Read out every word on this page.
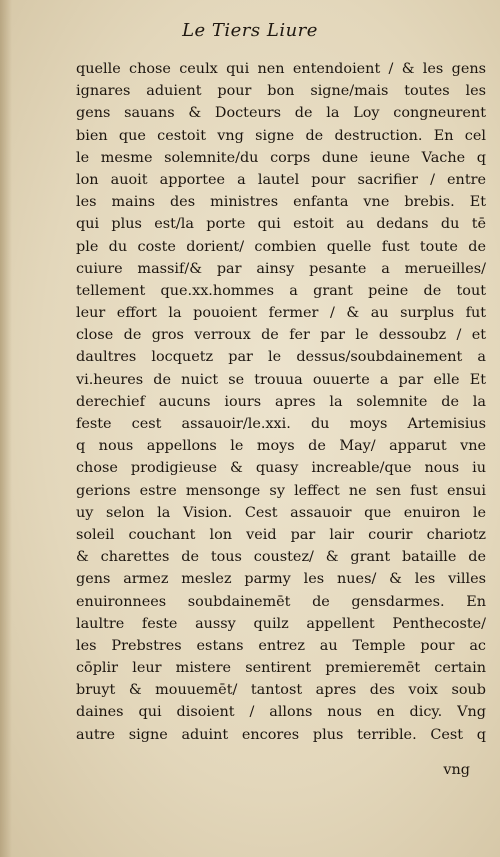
Le Tiers Liure
quelle chose ceulx qui nen entendoient / & les gens
ignares aduient pour bon signe/mais toutes les
gens sauans & Docteurs de la Loy congneurent
bien que cestoit vng signe de destruction. En cel
le mesme solemnite/du corps dune ieune Vache q
lon auoit apportee a lautel pour sacrifier / entre
les mains des ministres enfanta vne brebis. Et
qui plus est/la porte qui estoit au dedans du tē
ple du coste dorient/ combien quelle fust toute de
cuiure massif/& par ainsy pesante a merueilles/
tellement que.xx.hommes a grant peine de tout
leur effort la pouoient fermer / & au surplus fut
close de gros verroux de fer par le dessoubz / et
daultres locquetz par le dessus/soubdainement a
vi.heures de nuict se trouua ouuerte a par elle Et
derechief aucuns iours apres la solemnite de la
feste cest assauoir/le.xxi. du moys Artemisius
q nous appellons le moys de May/ apparut vne
chose prodigieuse & quasy increable/que nous iu
gerions estre mensonge sy leffect ne sen fust ensui
uy selon la Vision. Cest assauoir que enuiron le
soleil couchant lon veid par lair courir chariotz
& charettes de tous coustez/ & grant bataille de
gens armez meslez parmy les nues/ & les villes
enuironnees soubdainemēt de gensdarmes. En
laultre feste aussy quilz appellent Penthecoste/
les Prebstres estans entrez au Temple pour ac
cōplir leur mistere sentirent premieremēt certain
bruyt & mouuemēt/ tantost apres des voix soub
daines qui disoient / allons nous en dicy. Vng
autre signe aduint encores plus terrible. Cest q
vng
